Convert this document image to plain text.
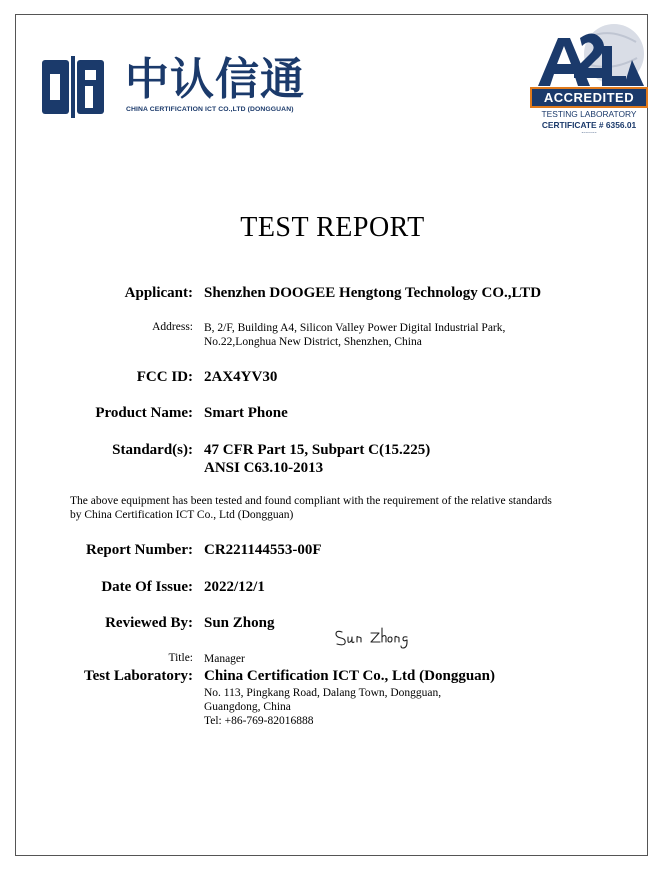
中认信通
CHINA CERTIFICATION ICT CO.,LTD (DONGGUAN)
ACCREDITED
TESTING LABORATORY
CERTIFICATE # 6356.01
........
TEST REPORT
Applicant: Shenzhen DOOGEE Hengtong Technology CO.,LTD
Address: B, 2/F, Building A4, Silicon Valley Power Digital Industrial Park,
No.22,Longhua New District, Shenzhen, China
FCC ID: 2AX4YV30
Product Name: Smart Phone
Standard(s): 47 CFR Part 15, Subpart C(15.225)
ANSI C63.10-2013
The above equipment has been tested and found compliant with the requirement of the relative standards
by China Certification ICT Co., Ltd (Dongguan)
Report Number: CR221144553-00F
Date Of Issue: 2022/12/1
Reviewed By: Sun Zhong
Title: Manager
Test Laboratory: China Certification ICT Co., Ltd (Dongguan)
No. 113, Pingkang Road, Dalang Town, Dongguan,
Guangdong, China
Tel: +86-769-82016888
